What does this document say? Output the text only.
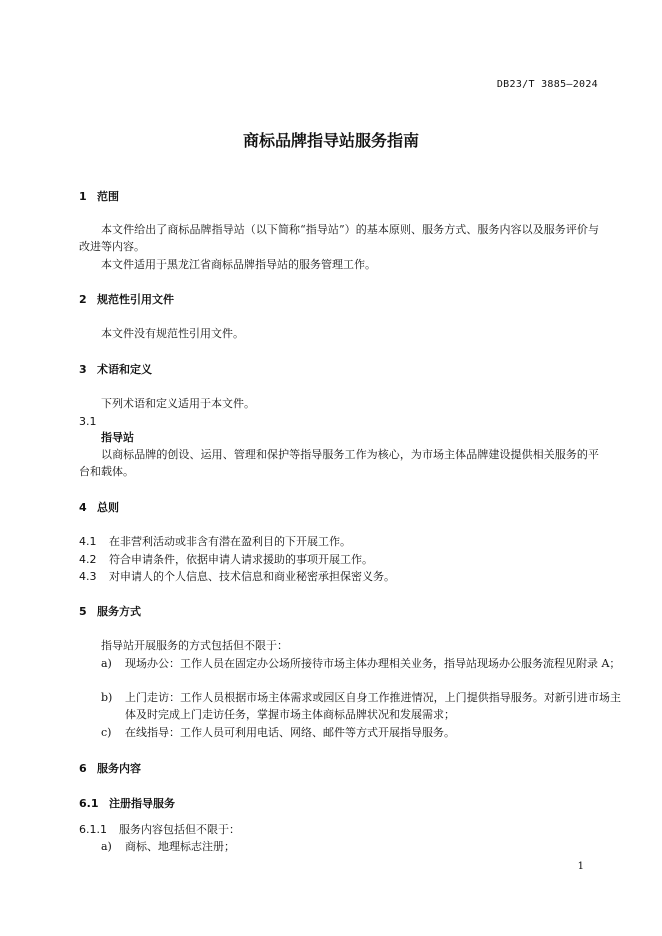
DB23/T 3885—2024
商标品牌指导站服务指南
1 范围
本文件给出了商标品牌指导站（以下简称“指导站”）的基本原则、服务方式、服务内容以及服务评价与改进等内容。
本文件适用于黑龙江省商标品牌指导站的服务管理工作。
2 规范性引用文件
本文件没有规范性引用文件。
3 术语和定义
下列术语和定义适用于本文件。
3.1
指导站
以商标品牌的创设、运用、管理和保护等指导服务工作为核心，为市场主体品牌建设提供相关服务的平台和载体。
4 总则
4.1	在非营利活动或非含有潜在盈利目的下开展工作。
4.2	符合申请条件，依据申请人请求援助的事项开展工作。
4.3	对申请人的个人信息、技术信息和商业秘密承担保密义务。
5 服务方式
指导站开展服务的方式包括但不限于：
a)	现场办公：工作人员在固定办公场所接待市场主体办理相关业务，指导站现场办公服务流程见附录 A；
b)	上门走访：工作人员根据市场主体需求或园区自身工作推进情况，上门提供指导服务。对新引进市场主体及时完成上门走访任务，掌握市场主体商标品牌状况和发展需求；
c)	在线指导：工作人员可利用电话、网络、邮件等方式开展指导服务。
6 服务内容
6.1 注册指导服务
6.1.1	服务内容包括但不限于：
a)	商标、地理标志注册；
1
